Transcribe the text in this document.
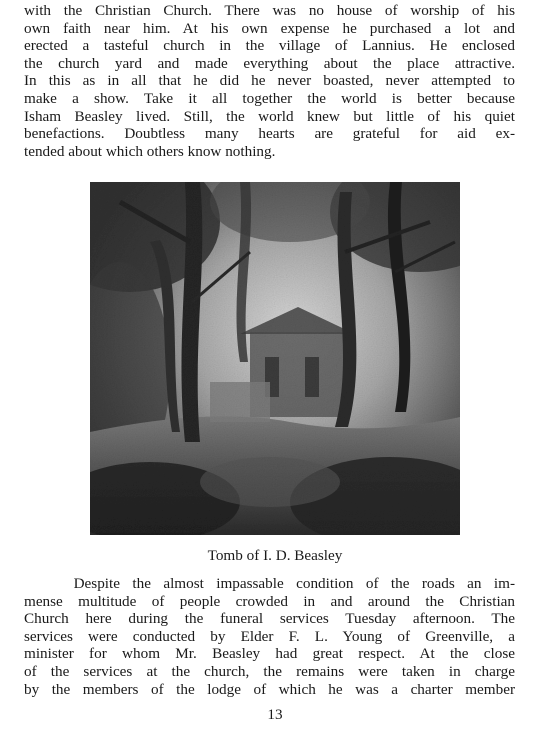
with the Christian Church. There was no house of worship of his
own faith near him. At his own expense he purchased a lot and
erected a tasteful church in the village of Lannius. He enclosed
the church yard and made everything about the place attractive.
In this as in all that he did he never boasted, never attempted to
make a show. Take it all together the world is better because
Isham Beasley lived. Still, the world knew but little of his quiet
benefactions. Doubtless many hearts are grateful for aid ex-
tended about which others know nothing.

Tomb of I. D. Beasley

Despite the almost impassable condition of the roads an im-
mense multitude of people crowded in and around the Christian
Church here during the funeral services Tuesday afternoon. The
services were conducted by Elder F. L. Young of Greenville, a
minister for whom Mr. Beasley had great respect. At the close
of the services at the church, the remains were taken in charge
by the members of the lodge of which he was a charter member

13
